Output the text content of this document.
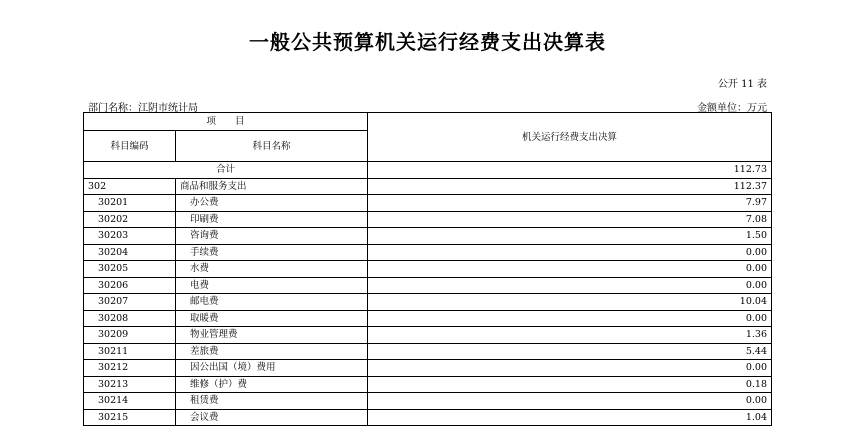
一般公共预算机关运行经费支出决算表
公开 11 表
部门名称：江阴市统计局	金额单位：万元
项　　目		机关运行经费支出决算
科目编码	科目名称	
合计		112.73
302	商品和服务支出	112.37
30201	办公费	7.97
30202	印刷费	7.08
30203	咨询费	1.50
30204	手续费	0.00
30205	水费	0.00
30206	电费	0.00
30207	邮电费	10.04
30208	取暖费	0.00
30209	物业管理费	1.36
30211	差旅费	5.44
30212	因公出国（境）费用	0.00
30213	维修（护）费	0.18
30214	租赁费	0.00
30215	会议费	1.04
